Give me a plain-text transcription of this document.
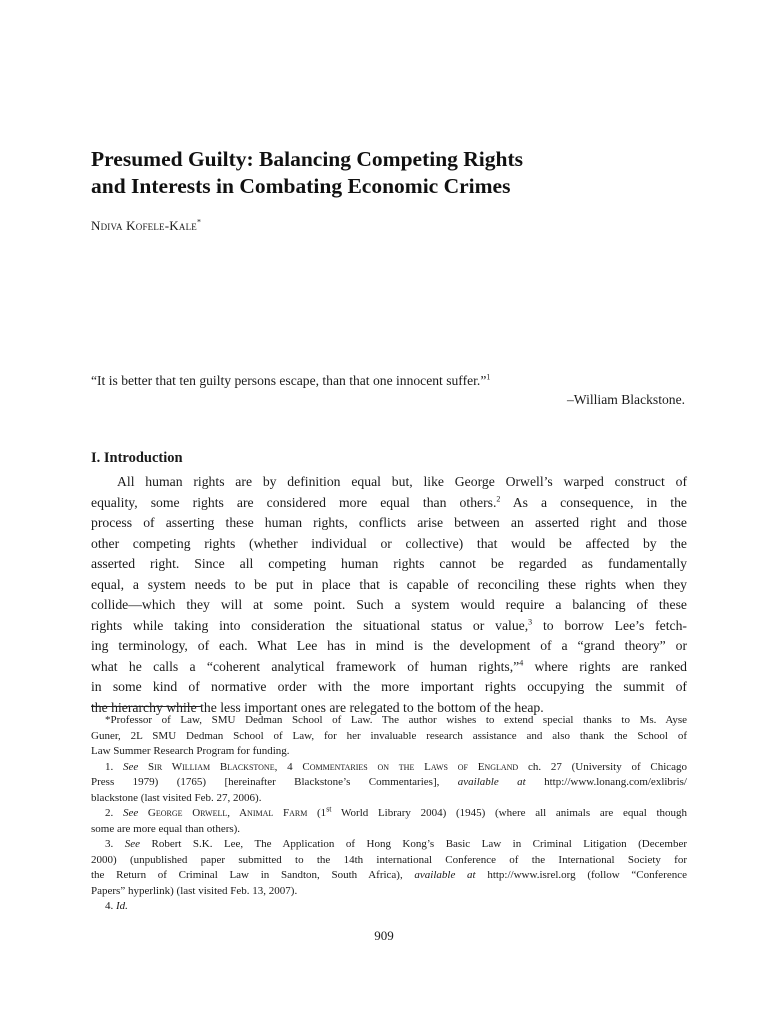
Presumed Guilty: Balancing Competing Rights
and Interests in Combating Economic Crimes
Ndiva Kofele-Kale*
“It is better that ten guilty persons escape, than that one innocent suffer.”$^1$
–William Blackstone.
I. Introduction
All human rights are by definition equal but, like George Orwell’s warped construct of
equality, some rights are considered more equal than others.$^2$ As a consequence, in the
process of asserting these human rights, conflicts arise between an asserted right and those
other competing rights (whether individual or collective) that would be affected by the
asserted right. Since all competing human rights cannot be regarded as fundamentally
equal, a system needs to be put in place that is capable of reconciling these rights when they
collide—which they will at some point. Such a system would require a balancing of these
rights while taking into consideration the situational status or value,$^3$ to borrow Lee’s fetch-
ing terminology, of each. What Lee has in mind is the development of a “grand theory” or
what he calls a “coherent analytical framework of human rights,”$^4$ where rights are ranked
in some kind of normative order with the more important rights occupying the summit of
the hierarchy while the less important ones are relegated to the bottom of the heap.
*Professor of Law, SMU Dedman School of Law. The author wishes to extend special thanks to Ms. Ayse
Guner, 2L SMU Dedman School of Law, for her invaluable research assistance and also thank the School of
Law Summer Research Program for funding.
1. See Sir William Blackstone, 4 Commentaries on the Laws of England ch. 27 (University of Chicago
Press 1979) (1765) [hereinafter Blackstone’s Commentaries], available at http://www.lonang.com/exlibris/
blackstone (last visited Feb. 27, 2006).
2. See George Orwell, Animal Farm (1st World Library 2004) (1945) (where all animals are equal though
some are more equal than others).
3. See Robert S.K. Lee, The Application of Hong Kong’s Basic Law in Criminal Litigation (December
2000) (unpublished paper submitted to the 14th international Conference of the International Society for
the Return of Criminal Law in Sandton, South Africa), available at http://www.isrel.org (follow “Conference
Papers” hyperlink) (last visited Feb. 13, 2007).
4. Id.
909
